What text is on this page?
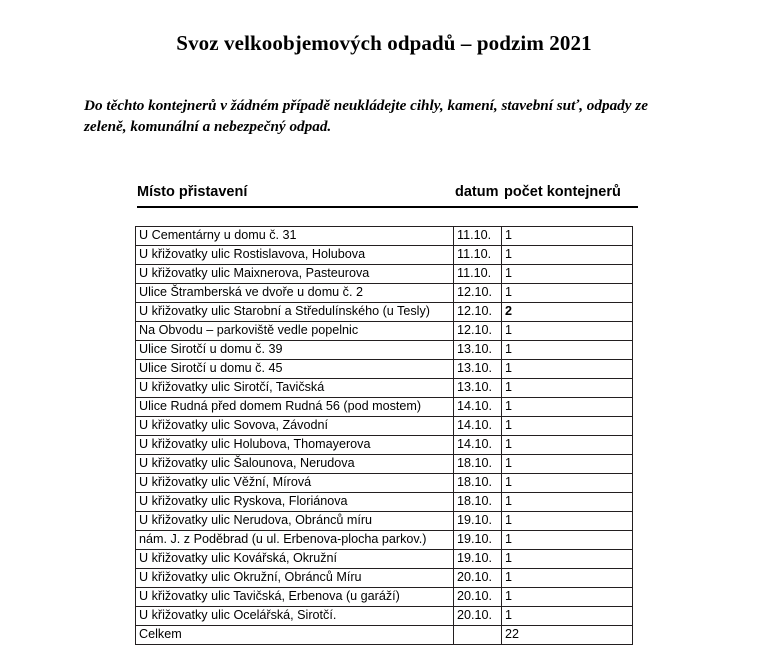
Svoz velkoobjemových odpadů – podzim 2021
Do těchto kontejnerů v žádném případě neukládejte cihly, kamení, stavební suť, odpady ze zeleně, komunální a nebezpečný odpad.
Místo přistavení	datum počet kontejnerů
U Cementárny u domu č. 31	11.10.	1
U křižovatky ulic Rostislavova, Holubova	11.10.	1
U křižovatky ulic Maixnerova, Pasteurova	11.10.	1
Ulice Štramberská ve dvoře u domu č. 2	12.10.	1
U křižovatky ulic Starobní a Středulínského (u Tesly)	12.10.	2
Na Obvodu – parkoviště vedle popelnic	12.10.	1
Ulice Sirotčí u domu č. 39	13.10.	1
Ulice Sirotčí u domu č. 45	13.10.	1
U křižovatky ulic Sirotčí, Tavičská	13.10.	1
Ulice Rudná před domem Rudná 56 (pod mostem)	14.10.	1
U křižovatky ulic Sovova, Závodní	14.10.	1
U křižovatky ulic Holubova, Thomayerova	14.10.	1
U křižovatky ulic Šalounova, Nerudova	18.10.	1
U křižovatky ulic Věžní, Mírová	18.10.	1
U křižovatky ulic Ryskova, Floriánova	18.10.	1
U křižovatky ulic Nerudova, Obránců míru	19.10.	1
nám. J. z Poděbrad (u ul. Erbenova-plocha parkov.)	19.10.	1
U křižovatky ulic Kovářská, Okružní	19.10.	1
U křižovatky ulic Okružní, Obránců Míru	20.10.	1
U křižovatky ulic Tavičská, Erbenova (u garáží)	20.10.	1
U křižovatky ulic Ocelářská, Sirotčí.	20.10.	1
Celkem		22
